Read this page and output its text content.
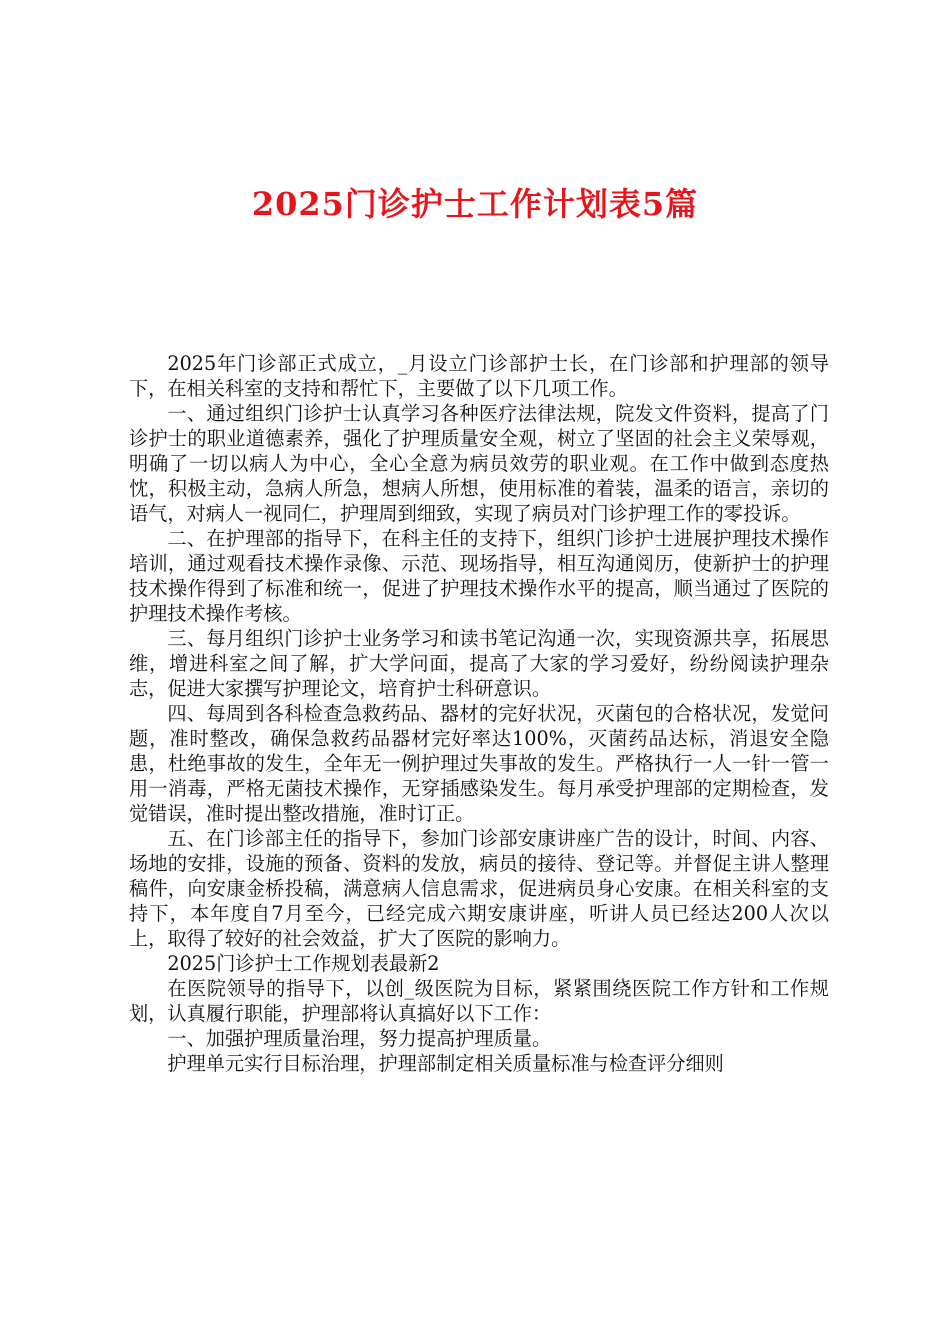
2025门诊护士工作计划表5篇

2025年门诊部正式成立，_月设立门诊部护士长，在门诊部和护理部的领导下，在相关科室的支持和帮忙下，主要做了以下几项工作。

一、通过组织门诊护士认真学习各种医疗法律法规，院发文件资料，提高了门诊护士的职业道德素养，强化了护理质量安全观，树立了坚固的社会主义荣辱观，明确了一切以病人为中心，全心全意为病员效劳的职业观。在工作中做到态度热忱，积极主动，急病人所急，想病人所想，使用标准的着装，温柔的语言，亲切的语气，对病人一视同仁，护理周到细致，实现了病员对门诊护理工作的零投诉。

二、在护理部的指导下，在科主任的支持下，组织门诊护士进展护理技术操作培训，通过观看技术操作录像、示范、现场指导，相互沟通阅历，使新护士的护理技术操作得到了标准和统一，促进了护理技术操作水平的提高，顺当通过了医院的护理技术操作考核。

三、每月组织门诊护士业务学习和读书笔记沟通一次，实现资源共享，拓展思维，增进科室之间了解，扩大学问面，提高了大家的学习爱好，纷纷阅读护理杂志，促进大家撰写护理论文，培育护士科研意识。

四、每周到各科检查急救药品、器材的完好状况，灭菌包的合格状况，发觉问题，准时整改，确保急救药品器材完好率达100%，灭菌药品达标，消退安全隐患，杜绝事故的发生，全年无一例护理过失事故的发生。严格执行一人一针一管一用一消毒，严格无菌技术操作，无穿插感染发生。每月承受护理部的定期检查，发觉错误，准时提出整改措施，准时订正。

五、在门诊部主任的指导下，参加门诊部安康讲座广告的设计，时间、内容、场地的安排，设施的预备、资料的发放，病员的接待、登记等。并督促主讲人整理稿件，向安康金桥投稿，满意病人信息需求，促进病员身心安康。在相关科室的支持下，本年度自7月至今，已经完成六期安康讲座，听讲人员已经达200人次以上，取得了较好的社会效益，扩大了医院的影响力。

2025门诊护士工作规划表最新2

在医院领导的指导下，以创_级医院为目标，紧紧围绕医院工作方针和工作规划，认真履行职能，护理部将认真搞好以下工作：

一、加强护理质量治理，努力提高护理质量。

护理单元实行目标治理，护理部制定相关质量标准与检查评分细则
